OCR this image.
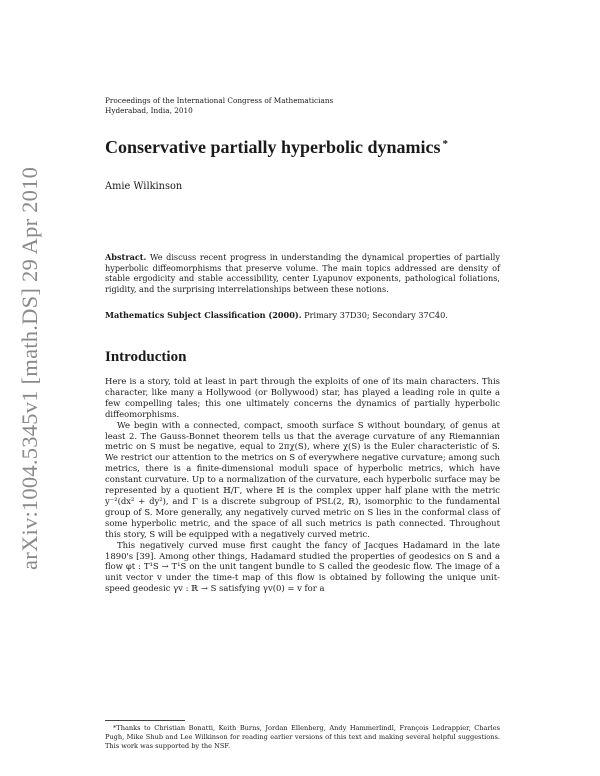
arXiv:1004.5345v1 [math.DS] 29 Apr 2010
Proceedings of the International Congress of Mathematicians
Hyderabad, India, 2010
Conservative partially hyperbolic dynamics *
Amie Wilkinson

Abstract. We discuss recent progress in understanding the dynamical properties of partially hyperbolic diffeomorphisms that preserve volume. The main topics addressed are density of stable ergodicity and stable accessibility, center Lyapunov exponents, pathological foliations, rigidity, and the surprising interrelationships between these notions.

Mathematics Subject Classification (2000). Primary 37D30; Secondary 37C40.

Introduction

Here is a story, told at least in part through the exploits of one of its main characters. This character, like many a Hollywood (or Bollywood) star, has played a leading role in quite a few compelling tales; this one ultimately concerns the dynamics of partially hyperbolic diffeomorphisms.

We begin with a connected, compact, smooth surface S without boundary, of genus at least 2. The Gauss-Bonnet theorem tells us that the average curvature of any Riemannian metric on S must be negative, equal to 2πχ(S), where χ(S) is the Euler characteristic of S. We restrict our attention to the metrics on S of everywhere negative curvature; among such metrics, there is a finite-dimensional moduli space of hyperbolic metrics, which have constant curvature. Up to a normalization of the curvature, each hyperbolic surface may be represented by a quotient ℍ/Γ, where ℍ is the complex upper half plane with the metric y⁻²(dx² + dy²), and Γ is a discrete subgroup of PSL(2, ℝ), isomorphic to the fundamental group of S. More generally, any negatively curved metric on S lies in the conformal class of some hyperbolic metric, and the space of all such metrics is path connected. Throughout this story, S will be equipped with a negatively curved metric.

This negatively curved muse first caught the fancy of Jacques Hadamard in the late 1890's [39]. Among other things, Hadamard studied the properties of geodesics on S and a flow φt : T¹S → T¹S on the unit tangent bundle to S called the geodesic flow. The image of a unit vector v under the time-t map of this flow is obtained by following the unique unit-speed geodesic γv : ℝ → S satisfying γv(0) = v for a

*Thanks to Christian Bonatti, Keith Burns, Jordan Ellenberg, Andy Hammerlindl, François Ledrappier, Charles Pugh, Mike Shub and Lee Wilkinson for reading earlier versions of this text and making several helpful suggestions. This work was supported by the NSF.
